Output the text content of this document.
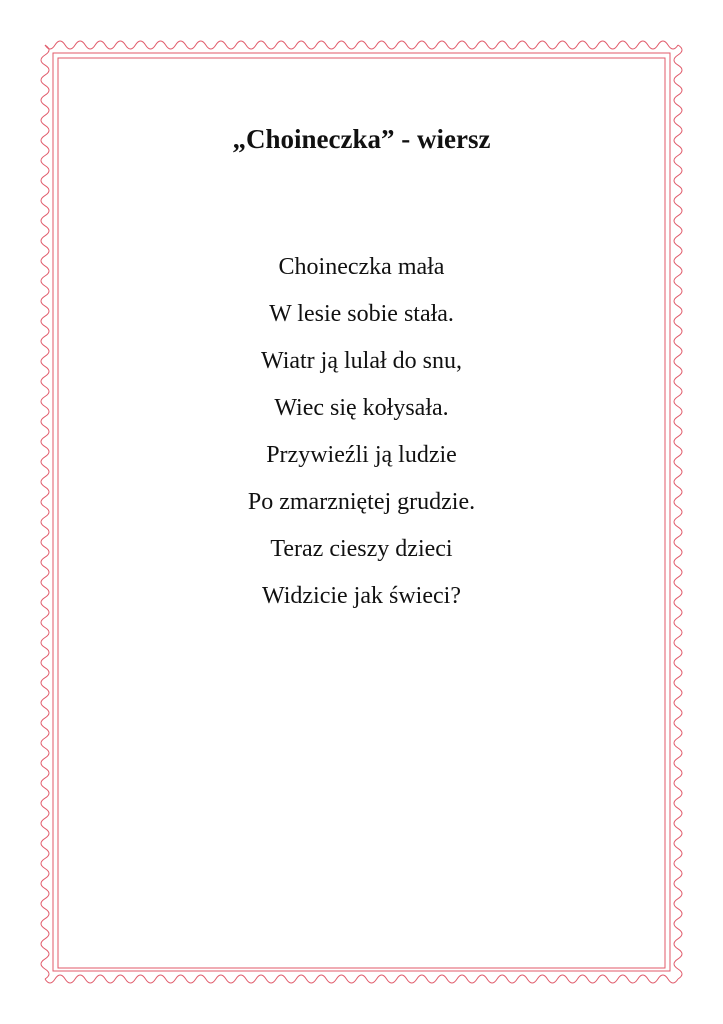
„Choineczka” - wiersz
Choineczka mała
W lesie sobie stała.
Wiatr ją lulał do snu,
Wiec się kołysała.
Przywieźli ją ludzie
Po zmarzniętej grudzie.
Teraz cieszy dzieci
Widzicie jak świeci?
